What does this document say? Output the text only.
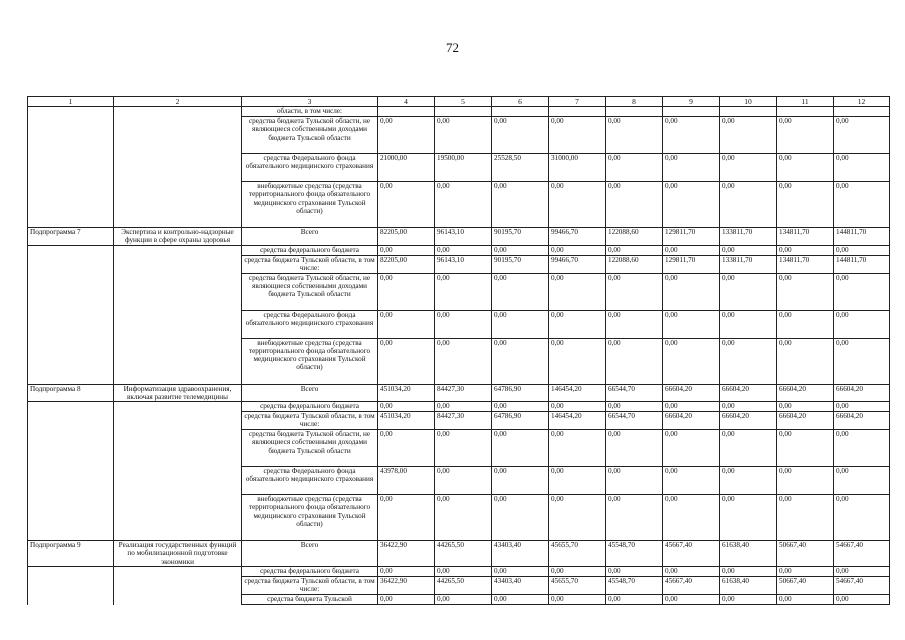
72
1	2	3	4	5	6	7	8	9	10	11	12
		области, в том числе:									
		средства бюджета Тульской области, не являющиеся собственными доходами бюджета Тульской области	0,00	0,00	0,00	0,00	0,00	0,00	0,00	0,00	0,00
		средства Федерального фонда обязательного медицинского страхования	21000,00	19500,00	25528,50	31000,00	0,00	0,00	0,00	0,00	0,00
		внебюджетные средства (средства территориального фонда обязательного медицинского страхования Тульской области)	0,00	0,00	0,00	0,00	0,00	0,00	0,00	0,00	0,00
Подпрограмма 7	Экспертиза и контрольно-надзорные функции в сфере охраны здоровья	Всего	82205,00	96143,10	90195,70	99466,70	122088,60	129811,70	133811,70	134811,70	144811,70
		средства федерального бюджета	0,00	0,00	0,00	0,00	0,00	0,00	0,00	0,00	0,00
		средства бюджета Тульской области, в том числе:	82205,00	96143,10	90195,70	99466,70	122088,60	129811,70	133811,70	134811,70	144811,70
		средства бюджета Тульской области, не являющиеся собственными доходами бюджета Тульской области	0,00	0,00	0,00	0,00	0,00	0,00	0,00	0,00	0,00
		средства Федерального фонда обязательного медицинского страхования	0,00	0,00	0,00	0,00	0,00	0,00	0,00	0,00	0,00
		внебюджетные средства (средства территориального фонда обязательного медицинского страхования Тульской области)	0,00	0,00	0,00	0,00	0,00	0,00	0,00	0,00	0,00
Подпрограмма 8	Информатизация здравоохранения, включая развитие телемедицины	Всего	451034,20	84427,30	64786,90	146454,20	66544,70	66604,20	66604,20	66604,20	66604,20
		средства федерального бюджета	0,00	0,00	0,00	0,00	0,00	0,00	0,00	0,00	0,00
		средства бюджета Тульской области, в том числе:	451034,20	84427,30	64786,90	146454,20	66544,70	66604,20	66604,20	66604,20	66604,20
		средства бюджета Тульской области, не являющиеся собственными доходами бюджета Тульской области	0,00	0,00	0,00	0,00	0,00	0,00	0,00	0,00	0,00
		средства Федерального фонда обязательного медицинского страхования	43978,00	0,00	0,00	0,00	0,00	0,00	0,00	0,00	0,00
		внебюджетные средства (средства территориального фонда обязательного медицинского страхования Тульской области)	0,00	0,00	0,00	0,00	0,00	0,00	0,00	0,00	0,00
Подпрограмма 9	Реализация государственных функций по мобилизационной подготовке экономики	Всего	36422,90	44265,50	43403,40	45655,70	45548,70	45667,40	61638,40	50667,40	54667,40
		средства федерального бюджета	0,00	0,00	0,00	0,00	0,00	0,00	0,00	0,00	0,00
		средства бюджета Тульской области, в том числе:	36422,90	44265,50	43403,40	45655,70	45548,70	45667,40	61638,40	50667,40	54667,40
		средства бюджета Тульской	0,00	0,00	0,00	0,00	0,00	0,00	0,00	0,00	0,00
